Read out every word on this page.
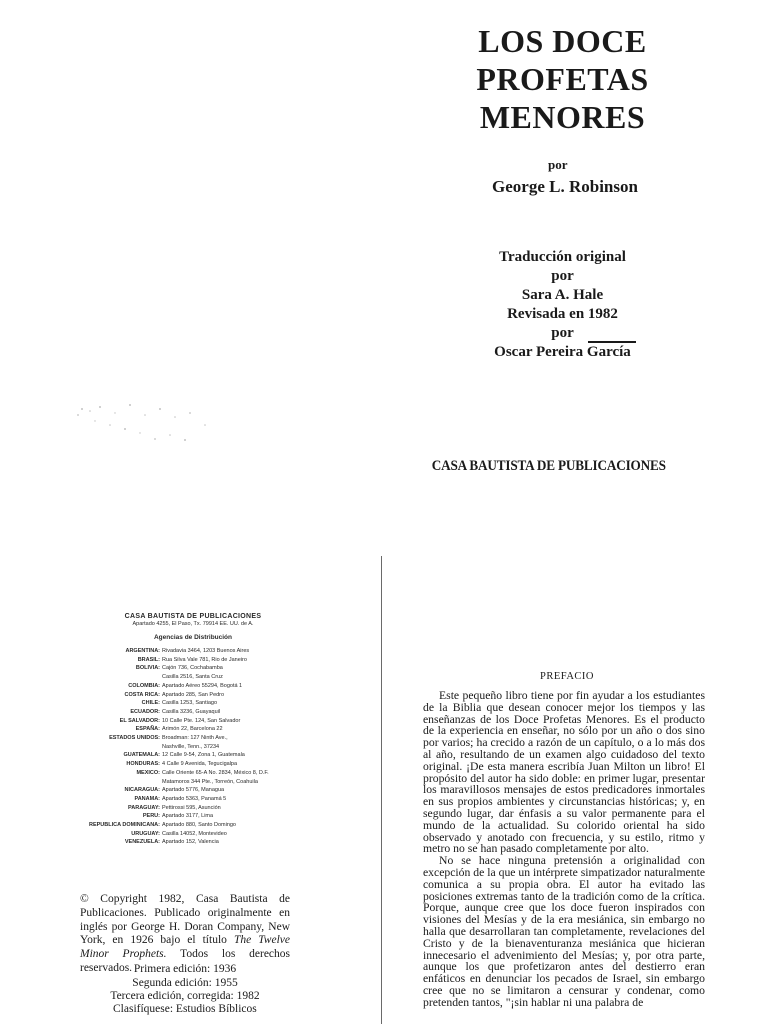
LOS DOCE
PROFETAS
MENORES
por
George L. Robinson
Traducción original
por
Sara A. Hale
Revisada en 1982
por
Oscar Pereira García
CASA BAUTISTA DE PUBLICACIONES
CASA BAUTISTA DE PUBLICACIONES
Apartado 4255, El Paso, Tx. 79914 EE. UU. de A.
Agencias de Distribución
ARGENTINA: Rivadavia 3464, 1203 Buenos Aires
BRASIL: Rua Silva Vale 781, Rio de Janeiro
BOLIVIA: Cajón 736, Cochabamba
Casilla 2516, Santa Cruz
COLOMBIA: Apartado Aéreo 55294, Bogotá 1
COSTA RICA: Apartado 285, San Pedro
CHILE: Casilla 1253, Santiago
ECUADOR: Casilla 3236, Guayaquil
EL SALVADOR: 10 Calle Pte. 124, San Salvador
ESPAÑA: Arimón 22, Barcelona 22
ESTADOS UNIDOS: Broadman: 127 Ninth Ave.,
Nashville, Tenn., 37234
GUATEMALA: 12 Calle 9-54, Zona 1, Guatemala
HONDURAS: 4 Calle 9 Avenida, Tegucigalpa
MEXICO: Calle Oriente 65-A No. 2834, México 8, D.F.
Matamoros 344 Pte., Torreón, Coahuila
NICARAGUA: Apartado 5776, Managua
PANAMA: Apartado 5363, Panamá 5
PARAGUAY: Pettirossi 595, Asunción
PERU: Apartado 3177, Lima
REPUBLICA DOMINICANA: Apartado 880, Santo Domingo
URUGUAY: Casilla 14052, Montevideo
VENEZUELA: Apartado 152, Valencia
© Copyright 1982, Casa Bautista de Publicaciones. Publicado originalmente en inglés por George H. Doran Company, New York, en 1926 bajo el título The Twelve Minor Prophets. Todos los derechos reservados. Primera edición: 1936
Segunda edición: 1955
Tercera edición, corregida: 1982
Clasifíquese: Estudios Bíblicos
PREFACIO

Este pequeño libro tiene por fin ayudar a los estudiantes de la Biblia que desean conocer mejor los tiempos y las enseñanzas de los Doce Profetas Menores. Es el producto de la experiencia en enseñar, no sólo por un año o dos sino por varios; ha crecido a razón de un capítulo, o a lo más dos al año, resultando de un examen algo cuidadoso del texto original. ¡De esta manera escribía Juan Milton un libro! El propósito del autor ha sido doble: en primer lugar, presentar los maravillosos mensajes de estos predicadores inmortales en sus propios ambientes y circunstancias históricas; y, en segundo lugar, dar énfasis a su valor permanente para el mundo de la actualidad. Su colorido oriental ha sido observado y anotado con frecuencia, y su estilo, ritmo y metro no se han pasado completamente por alto.

No se hace ninguna pretensión a originalidad con excepción de la que un intérprete simpatizador naturalmente comunica a su propia obra. El autor ha evitado las posiciones extremas tanto de la tradición como de la crítica. Porque, aunque cree que los doce fueron inspirados con visiones del Mesías y de la era mesiánica, sin embargo no halla que desarrollaran tan completamente, revelaciones del Cristo y de la bienaventuranza mesiánica que hicieran innecesario el advenimiento del Mesías; y, por otra parte, aunque los que profetizaron antes del destierro eran enfáticos en denunciar los pecados de Israel, sin embargo cree que no se limitaron a censurar y condenar, como pretenden tantos, "¡sin hablar ni una palabra de
